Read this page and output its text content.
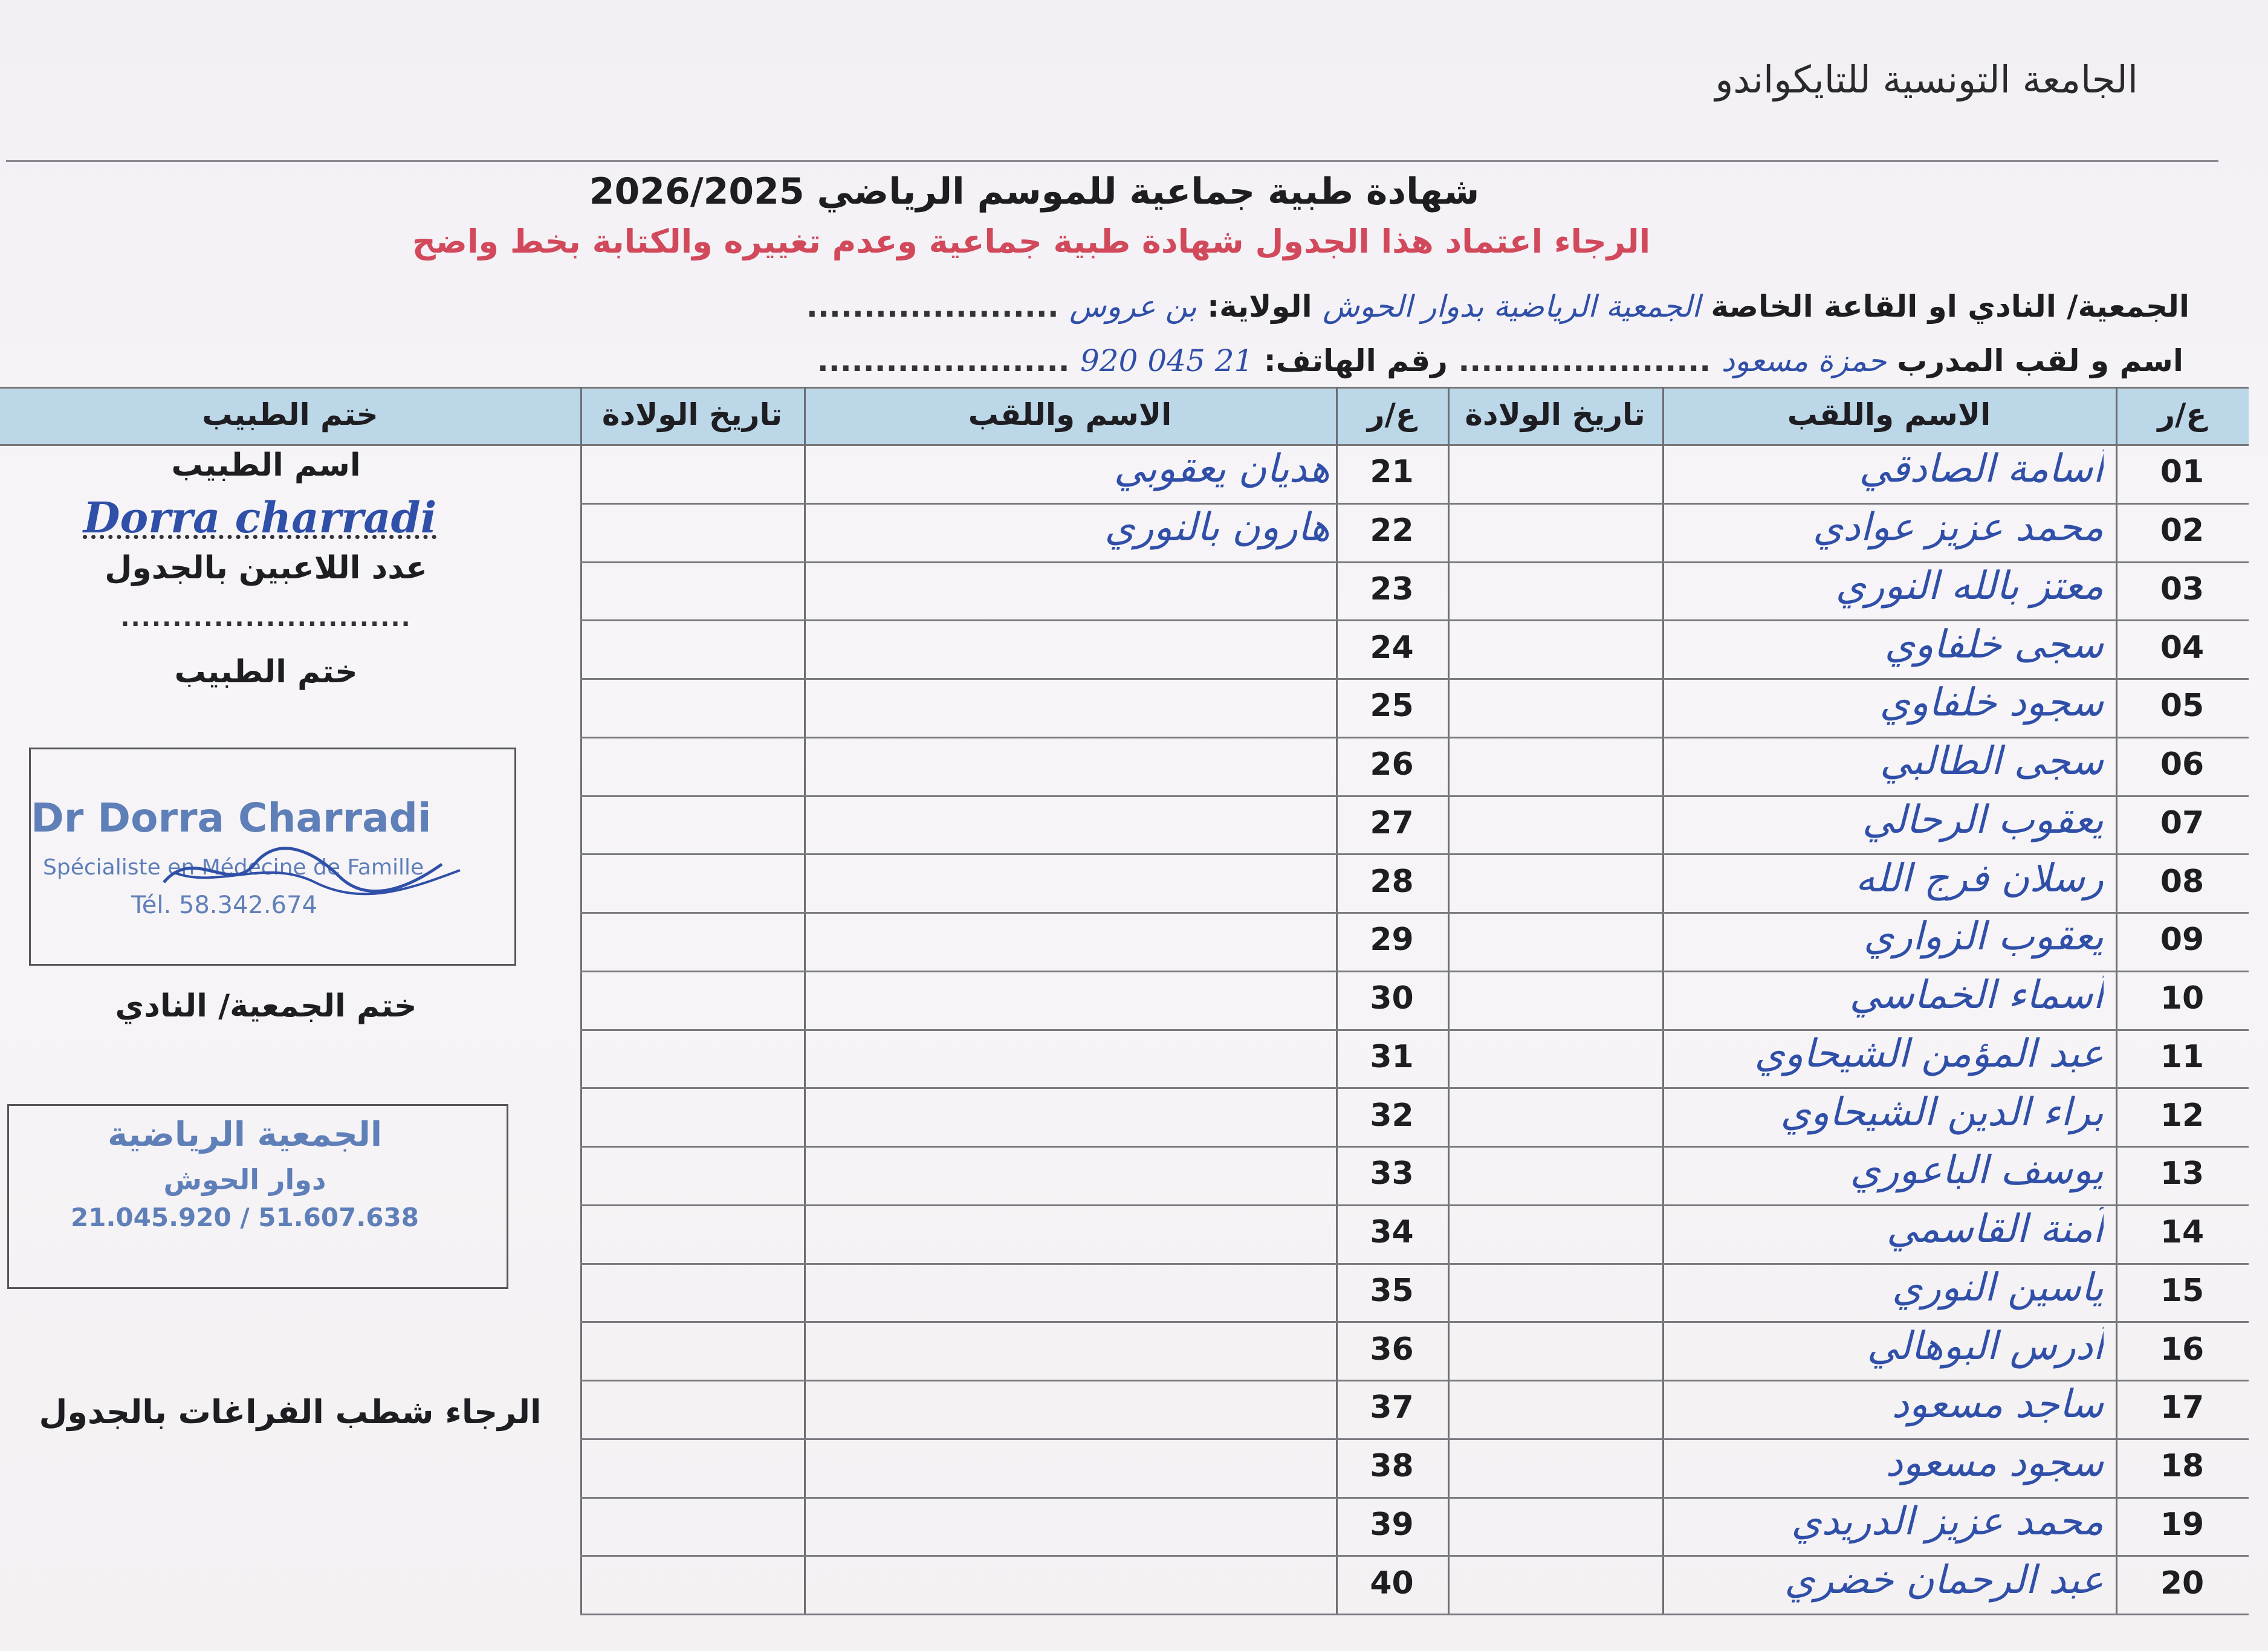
الجامعة التونسية للتايكواندو
شهادة طبية جماعية للموسم الرياضي 2026/2025
الرجاء اعتماد هذا الجدول شهادة طبية جماعية وعدم تغييره والكتابة بخط واضح
الجمعية/ النادي او القاعة الخاصة الجمعية الرياضية بدوار الحوش الولاية: بن عروس ......................
اسم و لقب المدرب حمزة مسعود ...................... رقم الهاتف: 21 045 920 ......................
ع/ر
الاسم واللقب
تاريخ الولادة
ع/ر
الاسم واللقب
تاريخ الولادة
ختم الطبيب
01
أسامة الصادقي
21
هديان يعقوبي
02
محمد عزيز عوادي
22
هارون بالنوري
03
معتز بالله النوري
23
04
سجى خلفاوي
24
05
سجود خلفاوي
25
06
سجى الطالبي
26
07
يعقوب الرحالي
27
08
رسلان فرج الله
28
09
يعقوب الزواري
29
10
أسماء الخماسي
30
11
عبد المؤمن الشيحاوي
31
12
براء الدين الشيحاوي
32
13
يوسف الباعوري
33
14
آمنة القاسمي
34
15
ياسين النوري
35
16
أدرس البوهالي
36
17
ساجد مسعود
37
18
سجود مسعود
38
19
محمد عزيز الدريدي
39
20
عبد الرحمان خضري
40
اسم الطبيب
Dorra charradi
عدد اللاعبين بالجدول
............................
ختم الطبيب
Dr Dorra Charradi
Spécialiste en Médecine de Famille
Tél. 58.342.674
ختم الجمعية/ النادي
الجمعية الرياضية
دوار الحوش
21.045.920 / 51.607.638
الرجاء شطب الفراغات بالجدول
